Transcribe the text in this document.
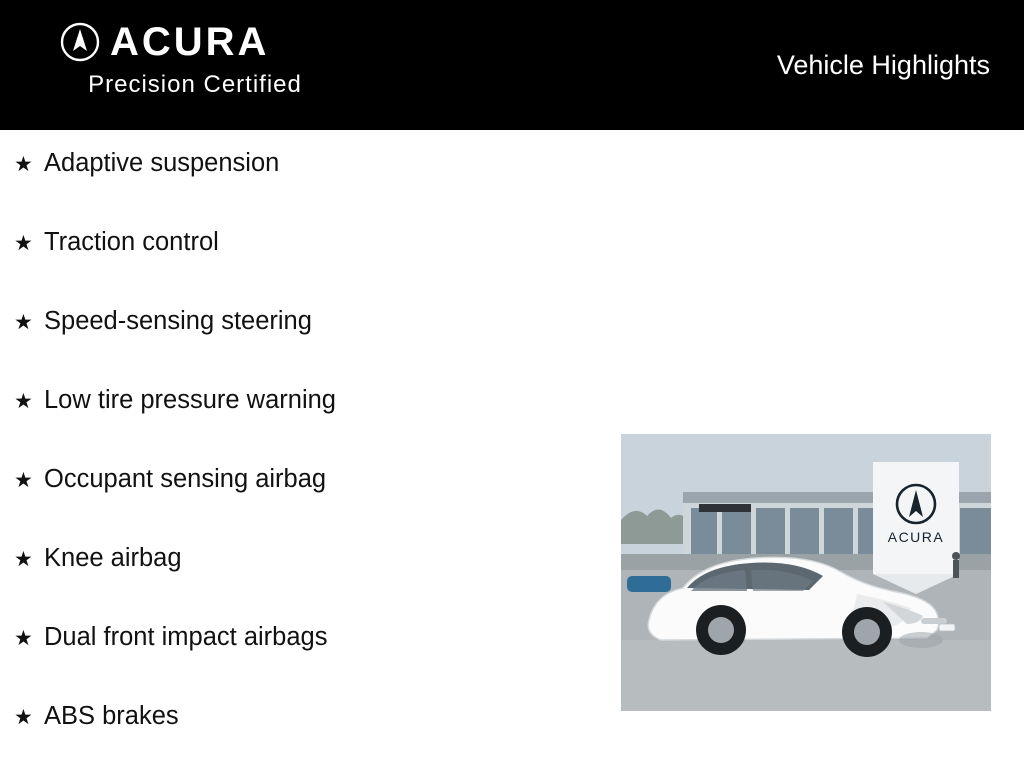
ACURA
Precision Certified
Vehicle Highlights
★ Adaptive suspension
★ Traction control
★ Speed-sensing steering
★ Low tire pressure warning
★ Occupant sensing airbag
★ Knee airbag
★ Dual front impact airbags
★ ABS brakes
ACURA
